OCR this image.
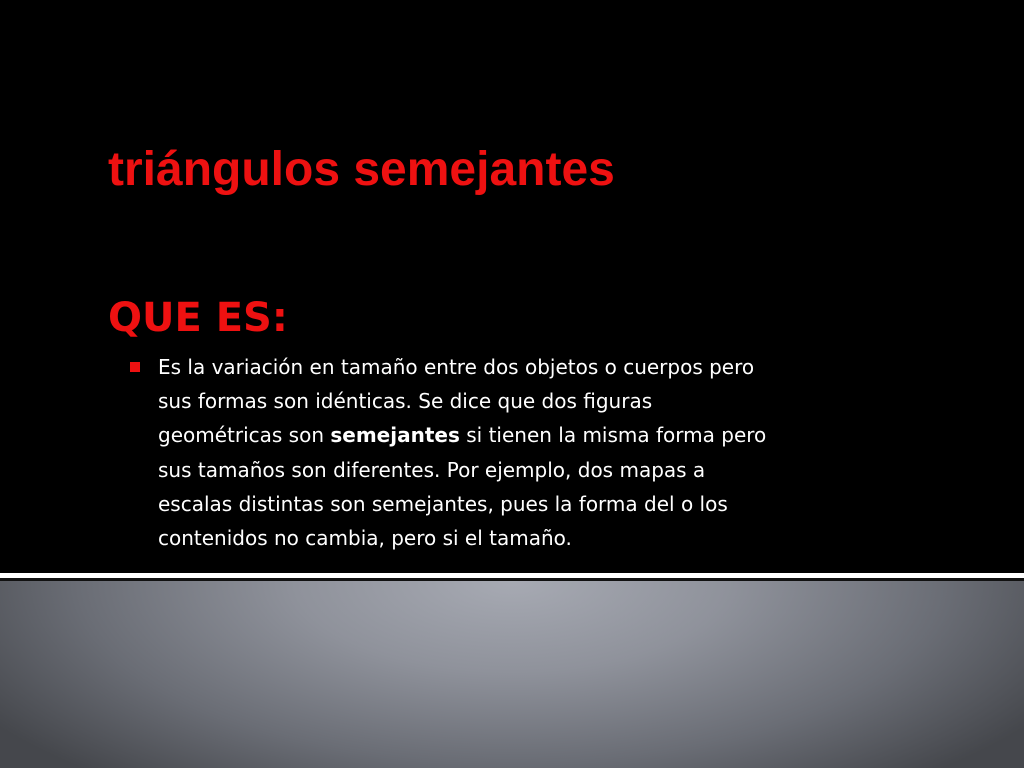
triángulos semejantes
QUE ES:

Es la variación en tamaño entre dos objetos o cuerpos pero
sus formas son idénticas. Se dice que dos figuras
geométricas son semejantes si tienen la misma forma pero
sus tamaños son diferentes. Por ejemplo, dos mapas a
escalas distintas son semejantes, pues la forma del o los
contenidos no cambia, pero si el tamaño.
